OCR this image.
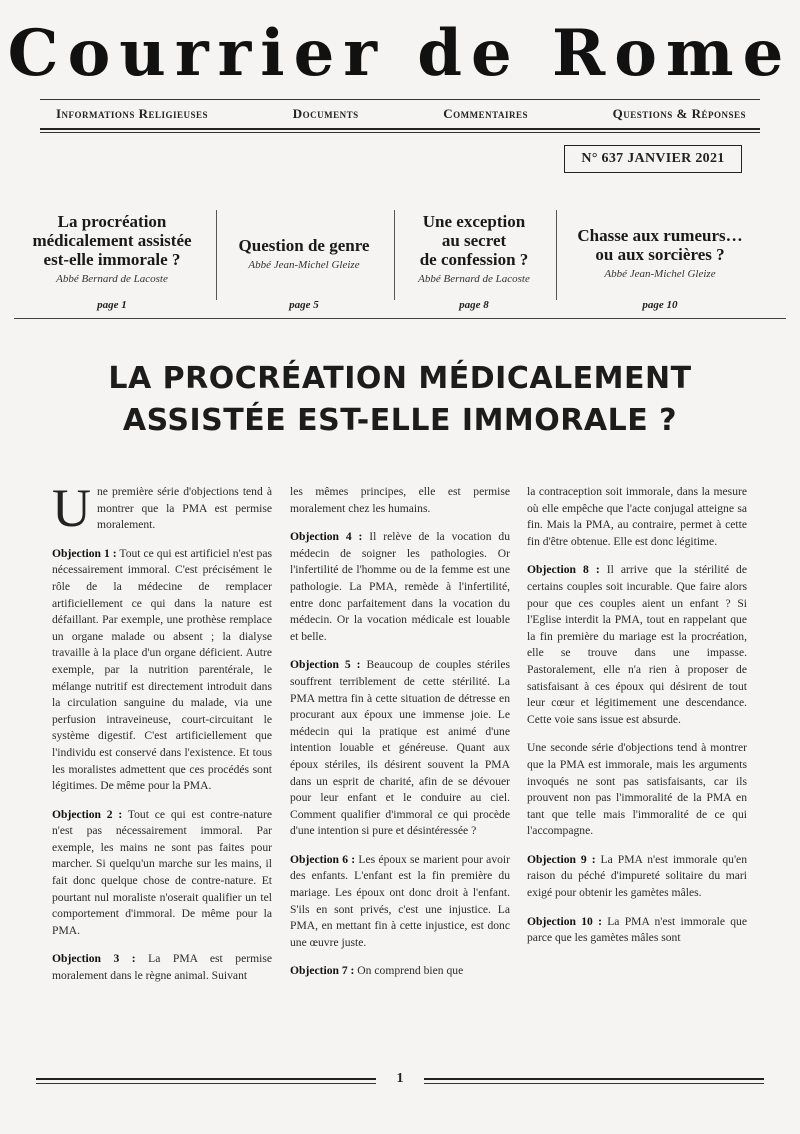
Courrier de Rome
Informations Religieuses	Documents	Commentaires	Questions & Réponses
N° 637 JANVIER 2021
La procréation
médicalement assistée
est-elle immorale ?
Abbé Bernard de Lacoste
Question de genre
Abbé Jean-Michel Gleize
Une exception
au secret
de confession ?
Abbé Bernard de Lacoste
Chasse aux rumeurs…
ou aux sorcières ?
Abbé Jean-Michel Gleize
page 1	page 5	page 8	page 10
LA PROCRÉATION MÉDICALEMENT
ASSISTÉE EST-ELLE IMMORALE ?

Une première série d'objections tend à montrer que la PMA est permise moralement.

Objection 1 : Tout ce qui est artificiel n'est pas nécessairement immoral. C'est précisément le rôle de la médecine de remplacer artificiellement ce qui dans la nature est défaillant. Par exemple, une prothèse remplace un organe malade ou absent ; la dialyse travaille à la place d'un organe déficient. Autre exemple, par la nutrition parentérale, le mélange nutritif est directement introduit dans la circulation sanguine du malade, via une perfusion intraveineuse, court-circuitant le système digestif. C'est artificiellement que l'individu est conservé dans l'existence. Et tous les moralistes admettent que ces procédés sont légitimes. De même pour la PMA.

Objection 2 : Tout ce qui est contre-nature n'est pas nécessairement immoral. Par exemple, les mains ne sont pas faites pour marcher. Si quelqu'un marche sur les mains, il fait donc quelque chose de contre-nature. Et pourtant nul moraliste n'oserait qualifier un tel comportement d'immoral. De même pour la PMA.

Objection 3 : La PMA est permise moralement dans le règne animal. Suivant

les mêmes principes, elle est permise moralement chez les humains.

Objection 4 : Il relève de la vocation du médecin de soigner les pathologies. Or l'infertilité de l'homme ou de la femme est une pathologie. La PMA, remède à l'infertilité, entre donc parfaitement dans la vocation du médecin. Or la vocation médicale est louable et belle.

Objection 5 : Beaucoup de couples stériles souffrent terriblement de cette stérilité. La PMA mettra fin à cette situation de détresse en procurant aux époux une immense joie. Le médecin qui la pratique est animé d'une intention louable et généreuse. Quant aux époux stériles, ils désirent souvent la PMA dans un esprit de charité, afin de se dévouer pour leur enfant et le conduire au ciel. Comment qualifier d'immoral ce qui procède d'une intention si pure et désintéressée ?

Objection 6 : Les époux se marient pour avoir des enfants. L'enfant est la fin première du mariage. Les époux ont donc droit à l'enfant. S'ils en sont privés, c'est une injustice. La PMA, en mettant fin à cette injustice, est donc une œuvre juste.

Objection 7 : On comprend bien que

la contraception soit immorale, dans la mesure où elle empêche que l'acte conjugal atteigne sa fin. Mais la PMA, au contraire, permet à cette fin d'être obtenue. Elle est donc légitime.

Objection 8 : Il arrive que la stérilité de certains couples soit incurable. Que faire alors pour que ces couples aient un enfant ? Si l'Eglise interdit la PMA, tout en rappelant que la fin première du mariage est la procréation, elle se trouve dans une impasse. Pastoralement, elle n'a rien à proposer de satisfaisant à ces époux qui désirent de tout leur cœur et légitimement une descendance. Cette voie sans issue est absurde.

Une seconde série d'objections tend à montrer que la PMA est immorale, mais les arguments invoqués ne sont pas satisfaisants, car ils prouvent non pas l'immoralité de la PMA en tant que telle mais l'immoralité de ce qui l'accompagne.

Objection 9 : La PMA n'est immorale qu'en raison du péché d'impureté solitaire du mari exigé pour obtenir les gamètes mâles.

Objection 10 : La PMA n'est immorale que parce que les gamètes mâles sont

1
